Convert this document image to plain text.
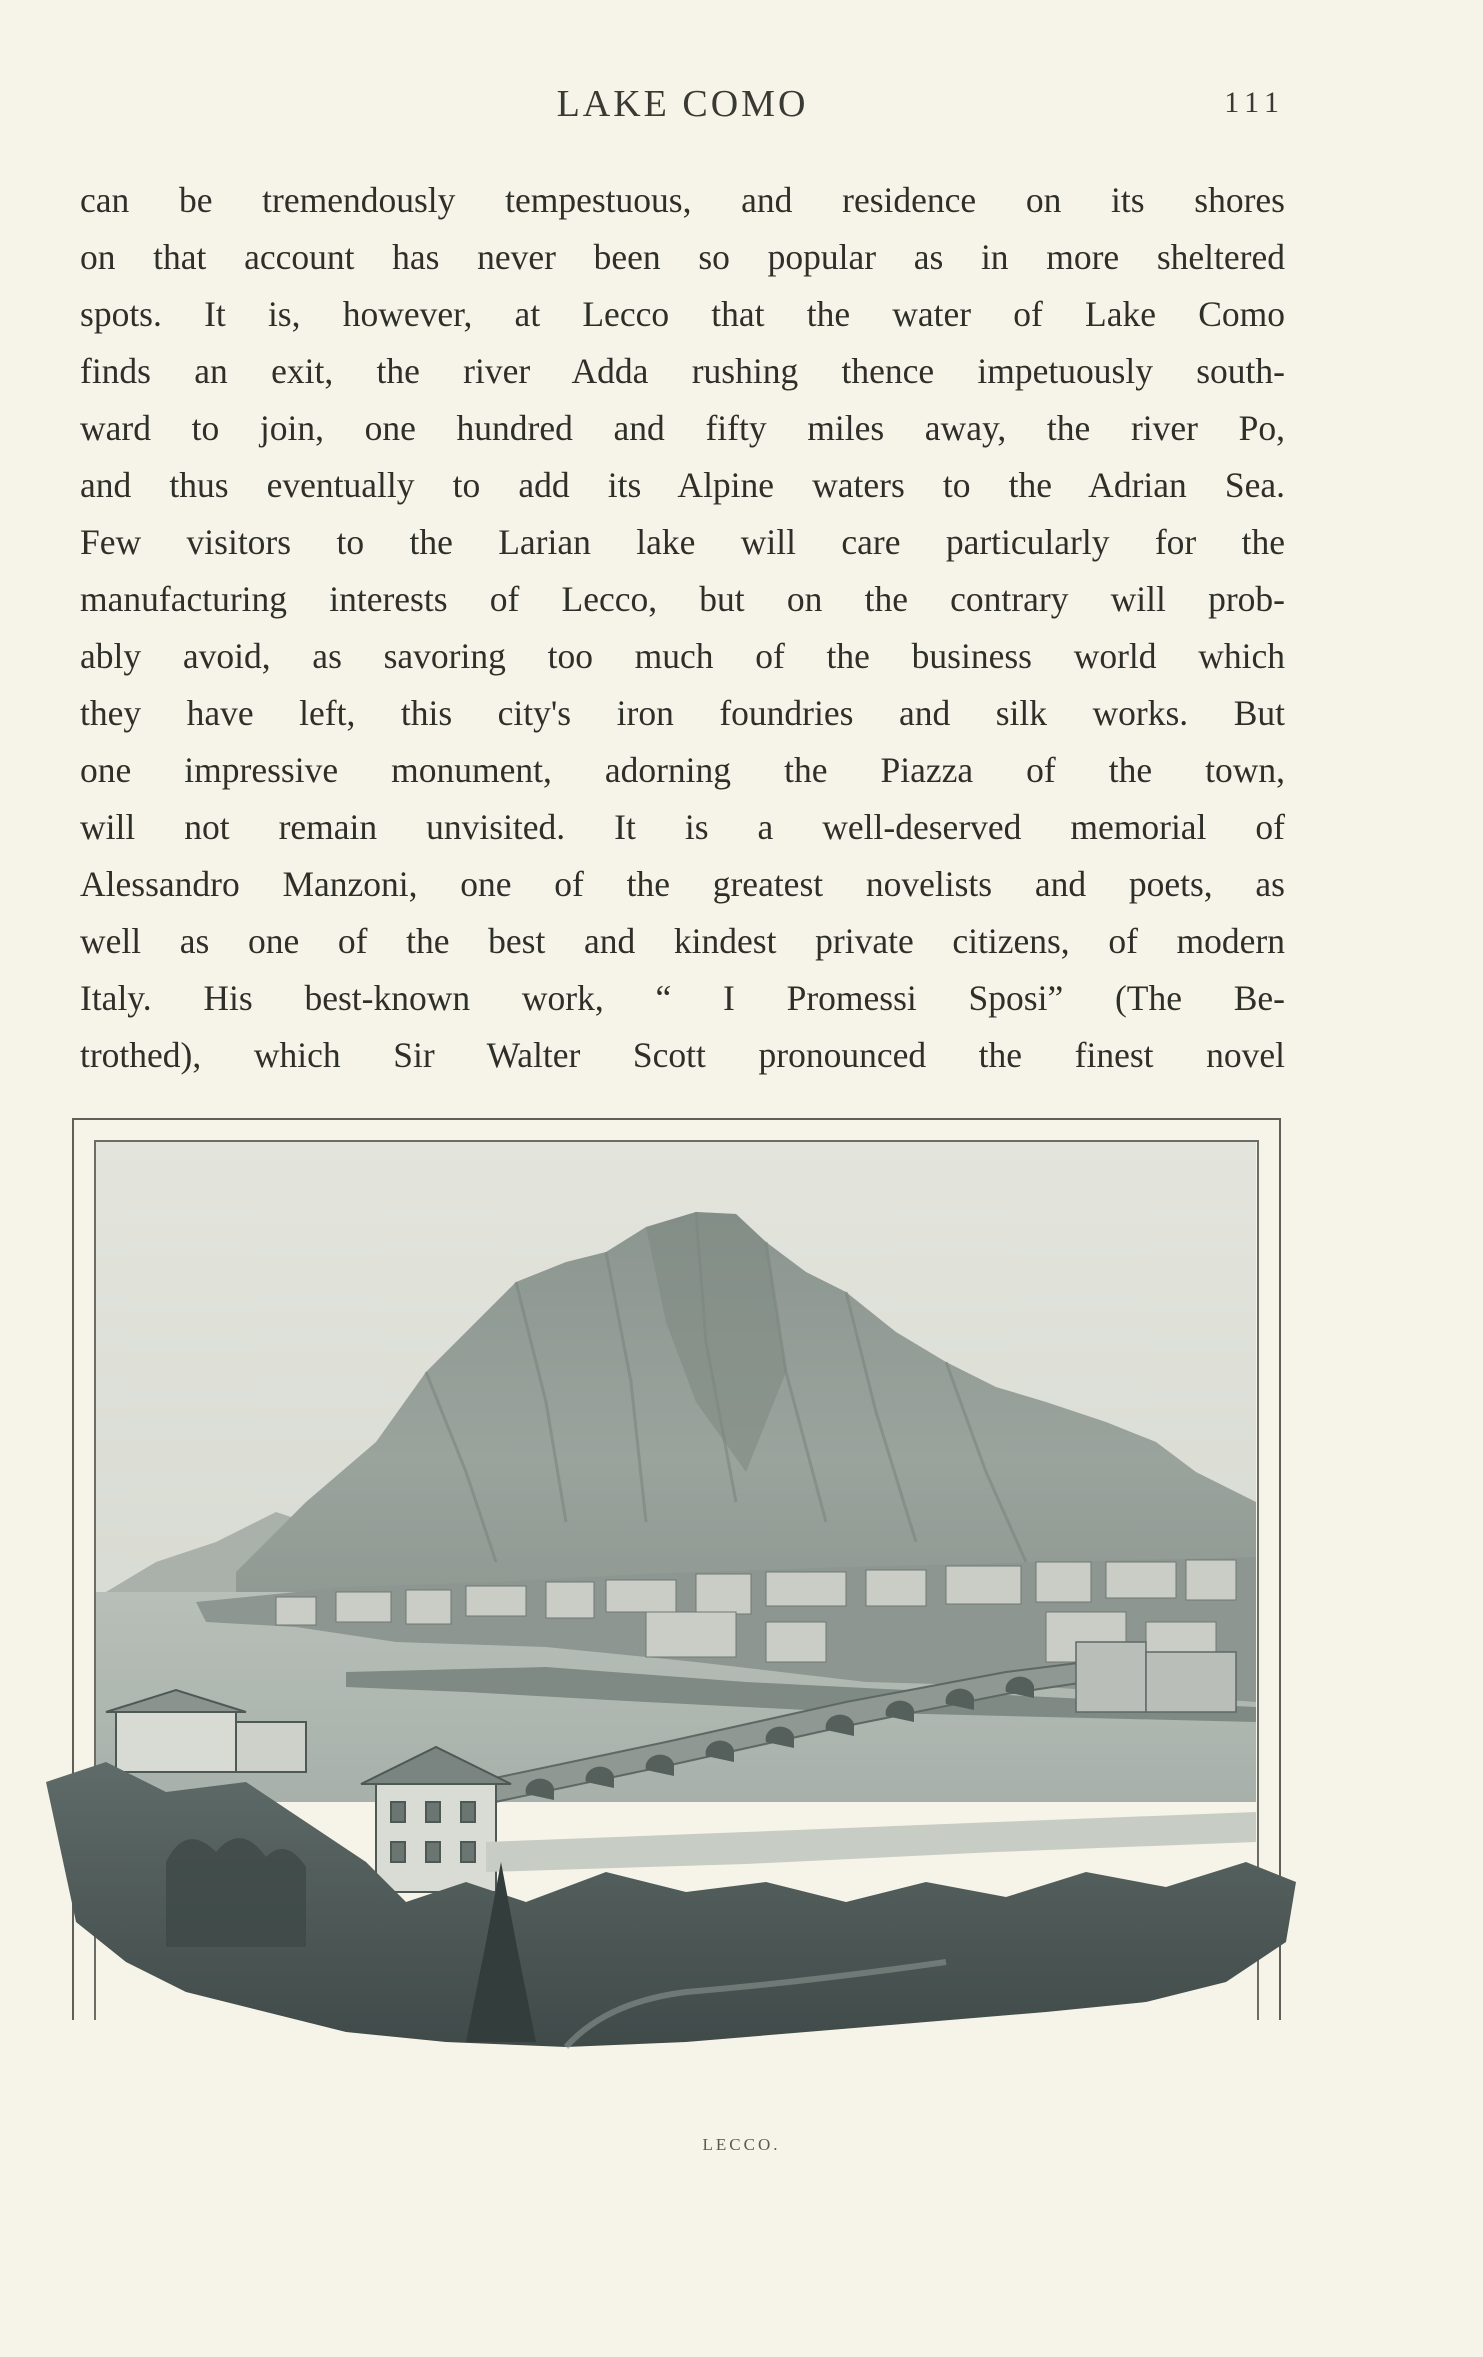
LAKE COMO	111
can be tremendously tempestuous, and residence on its shores
on that account has never been so popular as in more sheltered
spots. It is, however, at Lecco that the water of Lake Como
finds an exit, the river Adda rushing thence impetuously south-
ward to join, one hundred and fifty miles away, the river Po,
and thus eventually to add its Alpine waters to the Adrian Sea.
Few visitors to the Larian lake will care particularly for the
manufacturing interests of Lecco, but on the contrary will prob-
ably avoid, as savoring too much of the business world which
they have left, this city's iron foundries and silk works. But
one impressive monument, adorning the Piazza of the town,
will not remain unvisited. It is a well-deserved memorial of
Alessandro Manzoni, one of the greatest novelists and poets, as
well as one of the best and kindest private citizens, of modern
Italy. His best-known work, “ I Promessi Sposi” (The Be-
trothed), which Sir Walter Scott pronounced the finest novel
LECCO.
